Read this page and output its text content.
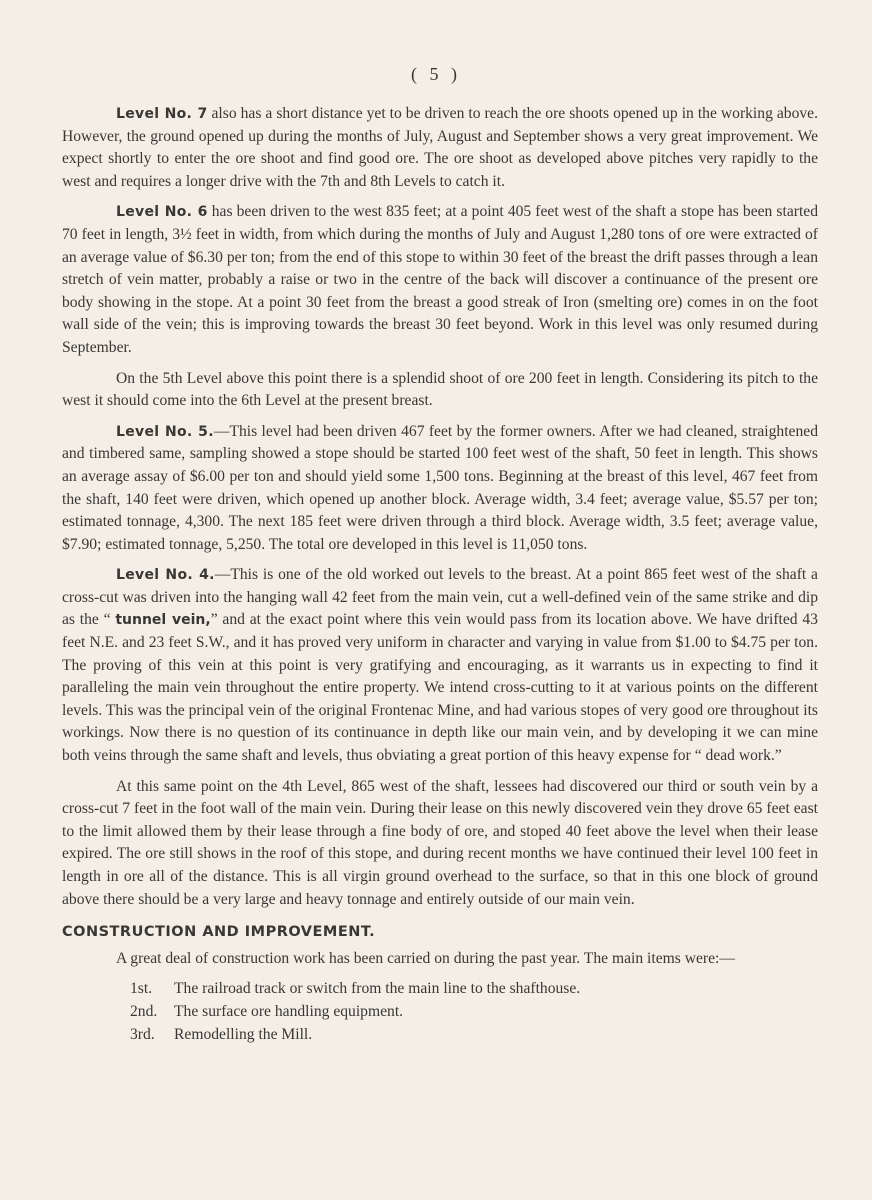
( 5 )

Level No. 7 also has a short distance yet to be driven to reach the ore shoots opened up in the working above. However, the ground opened up during the months of July, August and September shows a very great improvement. We expect shortly to enter the ore shoot and find good ore. The ore shoot as developed above pitches very rapidly to the west and requires a longer drive with the 7th and 8th Levels to catch it.

Level No. 6 has been driven to the west 835 feet; at a point 405 feet west of the shaft a stope has been started 70 feet in length, 3½ feet in width, from which during the months of July and August 1,280 tons of ore were extracted of an average value of $6.30 per ton; from the end of this stope to within 30 feet of the breast the drift passes through a lean stretch of vein matter, probably a raise or two in the centre of the back will discover a continuance of the present ore body showing in the stope. At a point 30 feet from the breast a good streak of Iron (smelting ore) comes in on the foot wall side of the vein; this is improving towards the breast 30 feet beyond. Work in this level was only resumed during September.

On the 5th Level above this point there is a splendid shoot of ore 200 feet in length. Considering its pitch to the west it should come into the 6th Level at the present breast.

Level No. 5.—This level had been driven 467 feet by the former owners. After we had cleaned, straightened and timbered same, sampling showed a stope should be started 100 feet west of the shaft, 50 feet in length. This shows an average assay of $6.00 per ton and should yield some 1,500 tons. Beginning at the breast of this level, 467 feet from the shaft, 140 feet were driven, which opened up another block. Average width, 3.4 feet; average value, $5.57 per ton; estimated tonnage, 4,300. The next 185 feet were driven through a third block. Average width, 3.5 feet; average value, $7.90; estimated tonnage, 5,250. The total ore developed in this level is 11,050 tons.

Level No. 4.—This is one of the old worked out levels to the breast. At a point 865 feet west of the shaft a cross-cut was driven into the hanging wall 42 feet from the main vein, cut a well-defined vein of the same strike and dip as the “ tunnel vein,” and at the exact point where this vein would pass from its location above. We have drifted 43 feet N.E. and 23 feet S.W., and it has proved very uniform in character and varying in value from $1.00 to $4.75 per ton. The proving of this vein at this point is very gratifying and encouraging, as it warrants us in expecting to find it paralleling the main vein throughout the entire property. We intend cross-cutting to it at various points on the different levels. This was the principal vein of the original Frontenac Mine, and had various stopes of very good ore throughout its workings. Now there is no question of its continuance in depth like our main vein, and by developing it we can mine both veins through the same shaft and levels, thus obviating a great portion of this heavy expense for “ dead work.”

At this same point on the 4th Level, 865 west of the shaft, lessees had discovered our third or south vein by a cross-cut 7 feet in the foot wall of the main vein. During their lease on this newly discovered vein they drove 65 feet east to the limit allowed them by their lease through a fine body of ore, and stoped 40 feet above the level when their lease expired. The ore still shows in the roof of this stope, and during recent months we have continued their level 100 feet in length in ore all of the distance. This is all virgin ground overhead to the surface, so that in this one block of ground above there should be a very large and heavy tonnage and entirely outside of our main vein.

CONSTRUCTION AND IMPROVEMENT.

A great deal of construction work has been carried on during the past year. The main items were:—

1st. The railroad track or switch from the main line to the shafthouse.
2nd. The surface ore handling equipment.
3rd. Remodelling the Mill.
